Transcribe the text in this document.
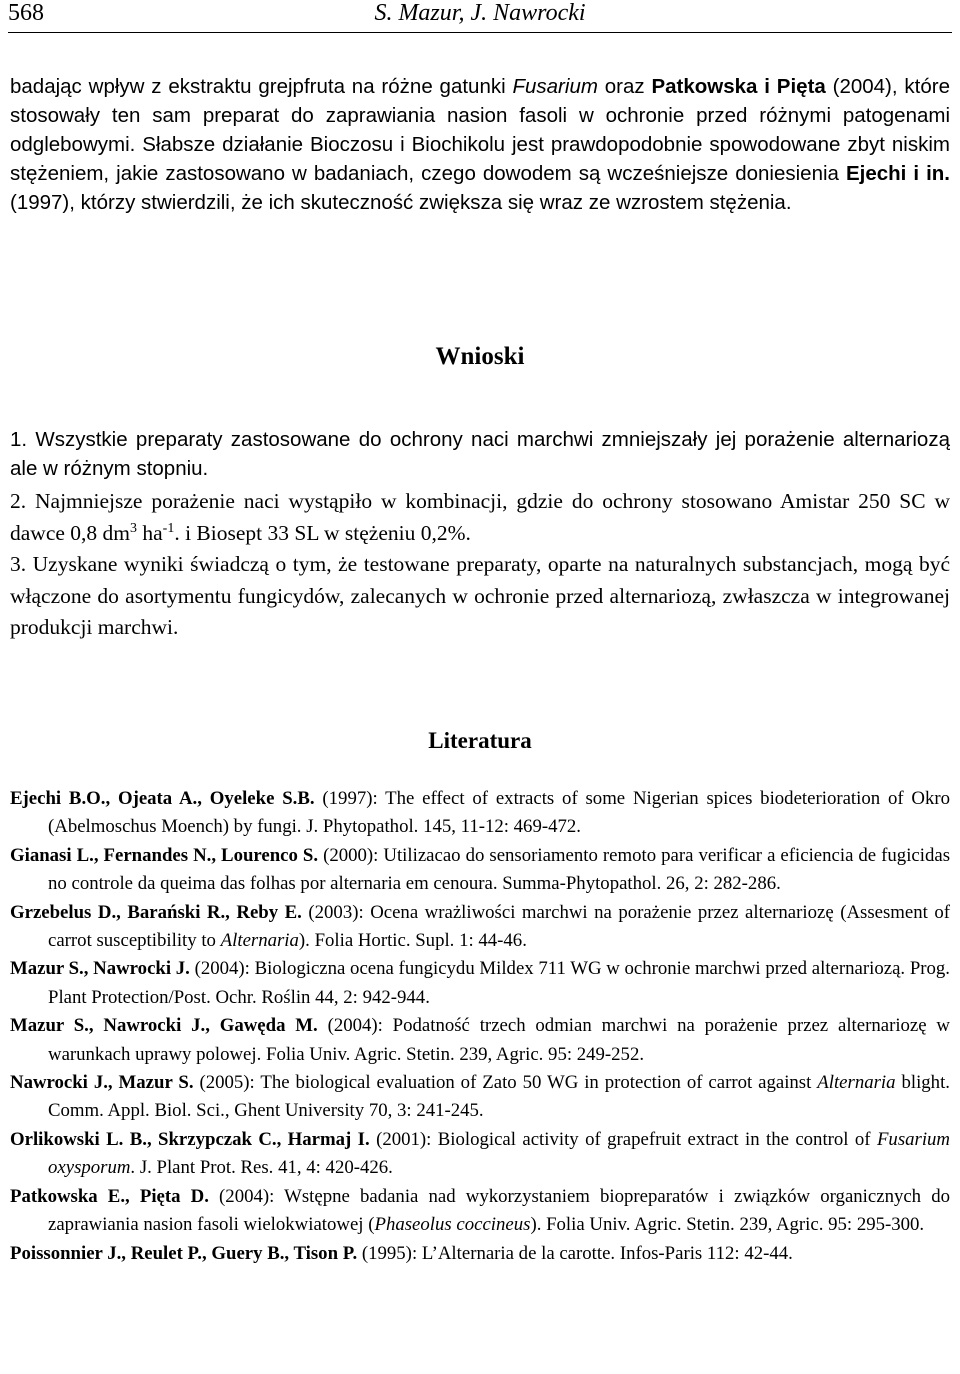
568	S. Mazur, J. Nawrocki

badając wpływ z ekstraktu grejpfruta na różne gatunki Fusarium oraz Patkowska i Pięta (2004), które stosowały ten sam preparat do zaprawiania nasion fasoli w ochronie przed różnymi patogenami odglebowymi. Słabsze działanie Bioczosu i Biochikolu jest prawdopodobnie spowodowane zbyt niskim stężeniem, jakie zastosowano w badaniach, czego dowodem są wcześniejsze doniesienia Ejechi i in. (1997), którzy stwierdzili, że ich skuteczność zwiększa się wraz ze wzrostem stężenia.

Wnioski

1. Wszystkie preparaty zastosowane do ochrony naci marchwi zmniejszały jej porażenie alternariozą ale w różnym stopniu.

2. Najmniejsze porażenie naci wystąpiło w kombinacji, gdzie do ochrony stosowano Amistar 250 SC w dawce 0,8 $dm^3$ $ha^{-1}$. i Biosept 33 SL w stężeniu 0,2%.

3. Uzyskane wyniki świadczą o tym, że testowane preparaty, oparte na naturalnych substancjach, mogą być włączone do asortymentu fungicydów, zalecanych w ochronie przed alternariozą, zwłaszcza w integrowanej produkcji marchwi.

Literatura

Ejechi B.O., Ojeata A., Oyeleke S.B. (1997): The effect of extracts of some Nigerian spices biodeterioration of Okro (Abelmoschus Moench) by fungi. J. Phytopathol. 145, 11-12: 469-472.

Gianasi L., Fernandes N., Lourenco S. (2000): Utilizacao do sensoriamento remoto para verificar a eficiencia de fugicidas no controle da queima das folhas por alternaria em cenoura. Summa-Phytopathol. 26, 2: 282-286.

Grzebelus D., Barański R., Reby E. (2003): Ocena wrażliwości marchwi na porażenie przez alternariozę (Assesment of carrot susceptibility to Alternaria). Folia Hortic. Supl. 1: 44-46.

Mazur S., Nawrocki J. (2004): Biologiczna ocena fungicydu Mildex 711 WG w ochronie marchwi przed alternariozą. Prog. Plant Protection/Post. Ochr. Roślin 44, 2: 942-944.

Mazur S., Nawrocki J., Gawęda M. (2004): Podatność trzech odmian marchwi na porażenie przez alternariozę w warunkach uprawy polowej. Folia Univ. Agric. Stetin. 239, Agric. 95: 249-252.

Nawrocki J., Mazur S. (2005): The biological evaluation of Zato 50 WG in protection of carrot against Alternaria blight. Comm. Appl. Biol. Sci., Ghent University 70, 3: 241-245.

Orlikowski L. B., Skrzypczak C., Harmaj I. (2001): Biological activity of grapefruit extract in the control of Fusarium oxysporum. J. Plant Prot. Res. 41, 4: 420-426.

Patkowska E., Pięta D. (2004): Wstępne badania nad wykorzystaniem biopreparatów i związków organicznych do zaprawiania nasion fasoli wielokwiatowej (Phaseolus coccineus). Folia Univ. Agric. Stetin. 239, Agric. 95: 295-300.

Poissonnier J., Reulet P., Guery B., Tison P. (1995): L’Alternaria de la carotte. Infos-Paris 112: 42-44.
